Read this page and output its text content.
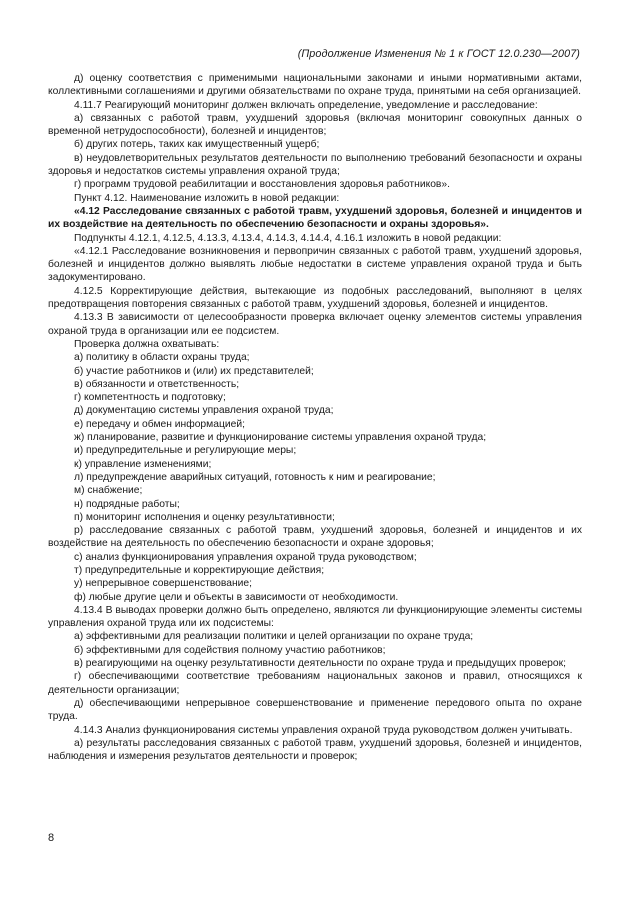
(Продолжение Изменения № 1 к ГОСТ 12.0.230—2007)

д) оценку соответствия с применимыми национальными законами и иными нормативными актами, коллективными соглашениями и другими обязательствами по охране труда, принятыми на себя организацией.

4.11.7 Реагирующий мониторинг должен включать определение, уведомление и расследование:

а) связанных с работой травм, ухудшений здоровья (включая мониторинг совокупных данных о временной нетрудоспособности), болезней и инцидентов;

б) других потерь, таких как имущественный ущерб;

в) неудовлетворительных результатов деятельности по выполнению требований безопасности и охраны здоровья и недостатков системы управления охраной труда;

г) программ трудовой реабилитации и восстановления здоровья работников».

Пункт 4.12. Наименование изложить в новой редакции:

«4.12 Расследование связанных с работой травм, ухудшений здоровья, болезней и инцидентов и их воздействие на деятельность по обеспечению безопасности и охраны здоровья».

Подпункты 4.12.1, 4.12.5, 4.13.3, 4.13.4, 4.14.3, 4.14.4, 4.16.1 изложить в новой редакции:

«4.12.1 Расследование возникновения и первопричин связанных с работой травм, ухудшений здоровья, болезней и инцидентов должно выявлять любые недостатки в системе управления охраной труда и быть задокументировано.

4.12.5 Корректирующие действия, вытекающие из подобных расследований, выполняют в целях предотвращения повторения связанных с работой травм, ухудшений здоровья, болезней и инцидентов.

4.13.3 В зависимости от целесообразности проверка включает оценку элементов системы управления охраной труда в организации или ее подсистем.

Проверка должна охватывать:

а) политику в области охраны труда;

б) участие работников и (или) их представителей;

в) обязанности и ответственность;

г) компетентность и подготовку;

д) документацию системы управления охраной труда;

е) передачу и обмен информацией;

ж) планирование, развитие и функционирование системы управления охраной труда;

и) предупредительные и регулирующие меры;

к) управление изменениями;

л) предупреждение аварийных ситуаций, готовность к ним и реагирование;

м) снабжение;

н) подрядные работы;

п) мониторинг исполнения и оценку результативности;

р) расследование связанных с работой травм, ухудшений здоровья, болезней и инцидентов и их воздействие на деятельность по обеспечению безопасности и охране здоровья;

с) анализ функционирования управления охраной труда руководством;

т) предупредительные и корректирующие действия;

у) непрерывное совершенствование;

ф) любые другие цели и объекты в зависимости от необходимости.

4.13.4 В выводах проверки должно быть определено, являются ли функционирующие элементы системы управления охраной труда или их подсистемы:

а) эффективными для реализации политики и целей организации по охране труда;

б) эффективными для содействия полному участию работников;

в) реагирующими на оценку результативности деятельности по охране труда и предыдущих проверок;

г) обеспечивающими соответствие требованиям национальных законов и правил, относящихся к деятельности организации;

д) обеспечивающими непрерывное совершенствование и применение передового опыта по охране труда.

4.14.3 Анализ функционирования системы управления охраной труда руководством должен учитывать.

а) результаты расследования связанных с работой травм, ухудшений здоровья, болезней и инцидентов, наблюдения и измерения результатов деятельности и проверок;

8
